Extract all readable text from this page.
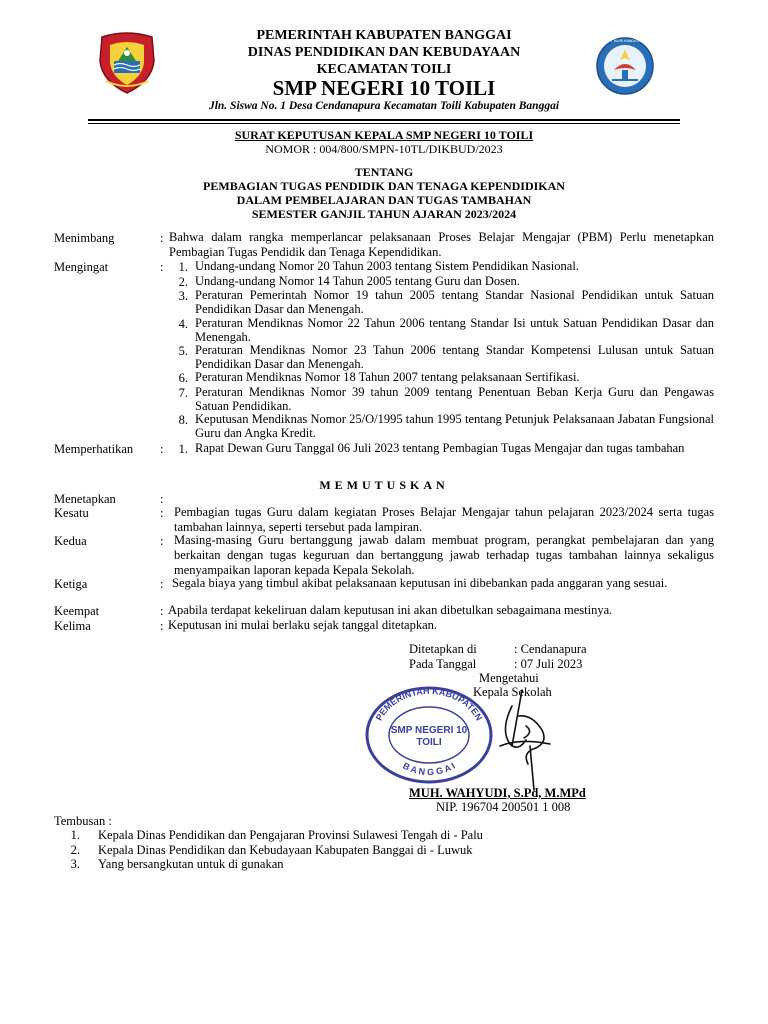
TUT WURI HANDAYANI
PEMERINTAH KABUPATEN BANGGAI
DINAS PENDIDIKAN DAN KEBUDAYAAN
KECAMATAN TOILI
SMP NEGERI 10 TOILI
Jln. Siswa No. 1 Desa Cendanapura Kecamatan Toili Kabupaten Banggai
SURAT KEPUTUSAN KEPALA SMP NEGERI 10 TOILI
NOMOR : 004/800/SMPN-10TL/DIKBUD/2023
TENTANG
PEMBAGIAN TUGAS PENDIDIK DAN TENAGA KEPENDIDIKAN
DALAM PEMBELAJARAN DAN TUGAS TAMBAHAN
SEMESTER GANJIL TAHUN AJARAN 2023/2024
Menimbang	: Bahwa dalam rangka memperlancar pelaksanaan Proses Belajar Mengajar (PBM) Perlu menetapkan Pembagian Tugas Pendidik dan Tenaga Kependidikan.
Mengingat	:	1. Undang-undang Nomor 20 Tahun 2003 tentang Sistem Pendidikan Nasional.
2. Undang-undang Nomor 14 Tahun 2005 tentang Guru dan Dosen.
3. Peraturan Pemerintah Nomor 19 tahun 2005 tentang Standar Nasional Pendidikan untuk Satuan Pendidikan Dasar dan Menengah.
4. Peraturan Mendiknas Nomor 22 Tahun 2006 tentang Standar Isi untuk Satuan Pendidikan Dasar dan Menengah.
5. Peraturan Mendiknas Nomor 23 Tahun 2006 tentang Standar Kompetensi Lulusan untuk Satuan Pendidikan Dasar dan Menengah.
6. Peraturan Mendiknas Nomor 18 Tahun 2007 tentang pelaksanaan Sertifikasi.
7. Peraturan Mendiknas Nomor 39 tahun 2009 tentang Penentuan Beban Kerja Guru dan Pengawas Satuan Pendidikan.
8. Keputusan Mendiknas Nomor 25/O/1995 tahun 1995 tentang Petunjuk Pelaksanaan Jabatan Fungsional Guru dan Angka Kredit.
Memperhatikan :	1. Rapat Dewan Guru Tanggal 06 Juli 2023 tentang Pembagian Tugas Mengajar dan tugas tambahan
MEMUTUSKAN
Menetapkan	:
Kesatu	: Pembagian tugas Guru dalam kegiatan Proses Belajar Mengajar tahun pelajaran 2023/2024 serta tugas tambahan lainnya, seperti tersebut pada lampiran.
Kedua	: Masing-masing Guru bertanggung jawab dalam membuat program, perangkat pembelajaran dan yang berkaitan dengan tugas keguruan dan bertanggung jawab terhadap tugas tambahan lainnya sekaligus menyampaikan laporan kepada Kepala Sekolah.
Ketiga	: Segala biaya yang timbul akibat pelaksanaan keputusan ini dibebankan pada anggaran yang sesuai.
Keempat	: Apabila terdapat kekeliruan dalam keputusan ini akan dibetulkan sebagaimana mestinya.
Kelima	: Keputusan ini mulai berlaku sejak tanggal ditetapkan.
Ditetapkan di	: Cendanapura
Pada Tanggal	: 07 Juli 2023
Mengetahui
Kepala Sekolah
PEMERINTAH KABUPATEN
B A N G G A I
SMP NEGERI 10
TOILI
MUH. WAHYUDI, S.Pd, M.MPd
NIP. 196704 200501 1 008
Tembusan :
1. Kepala Dinas Pendidikan dan Pengajaran Provinsi Sulawesi Tengah di - Palu
2. Kepala Dinas Pendidikan dan Kebudayaan Kabupaten Banggai di - Luwuk
3. Yang bersangkutan untuk di gunakan
